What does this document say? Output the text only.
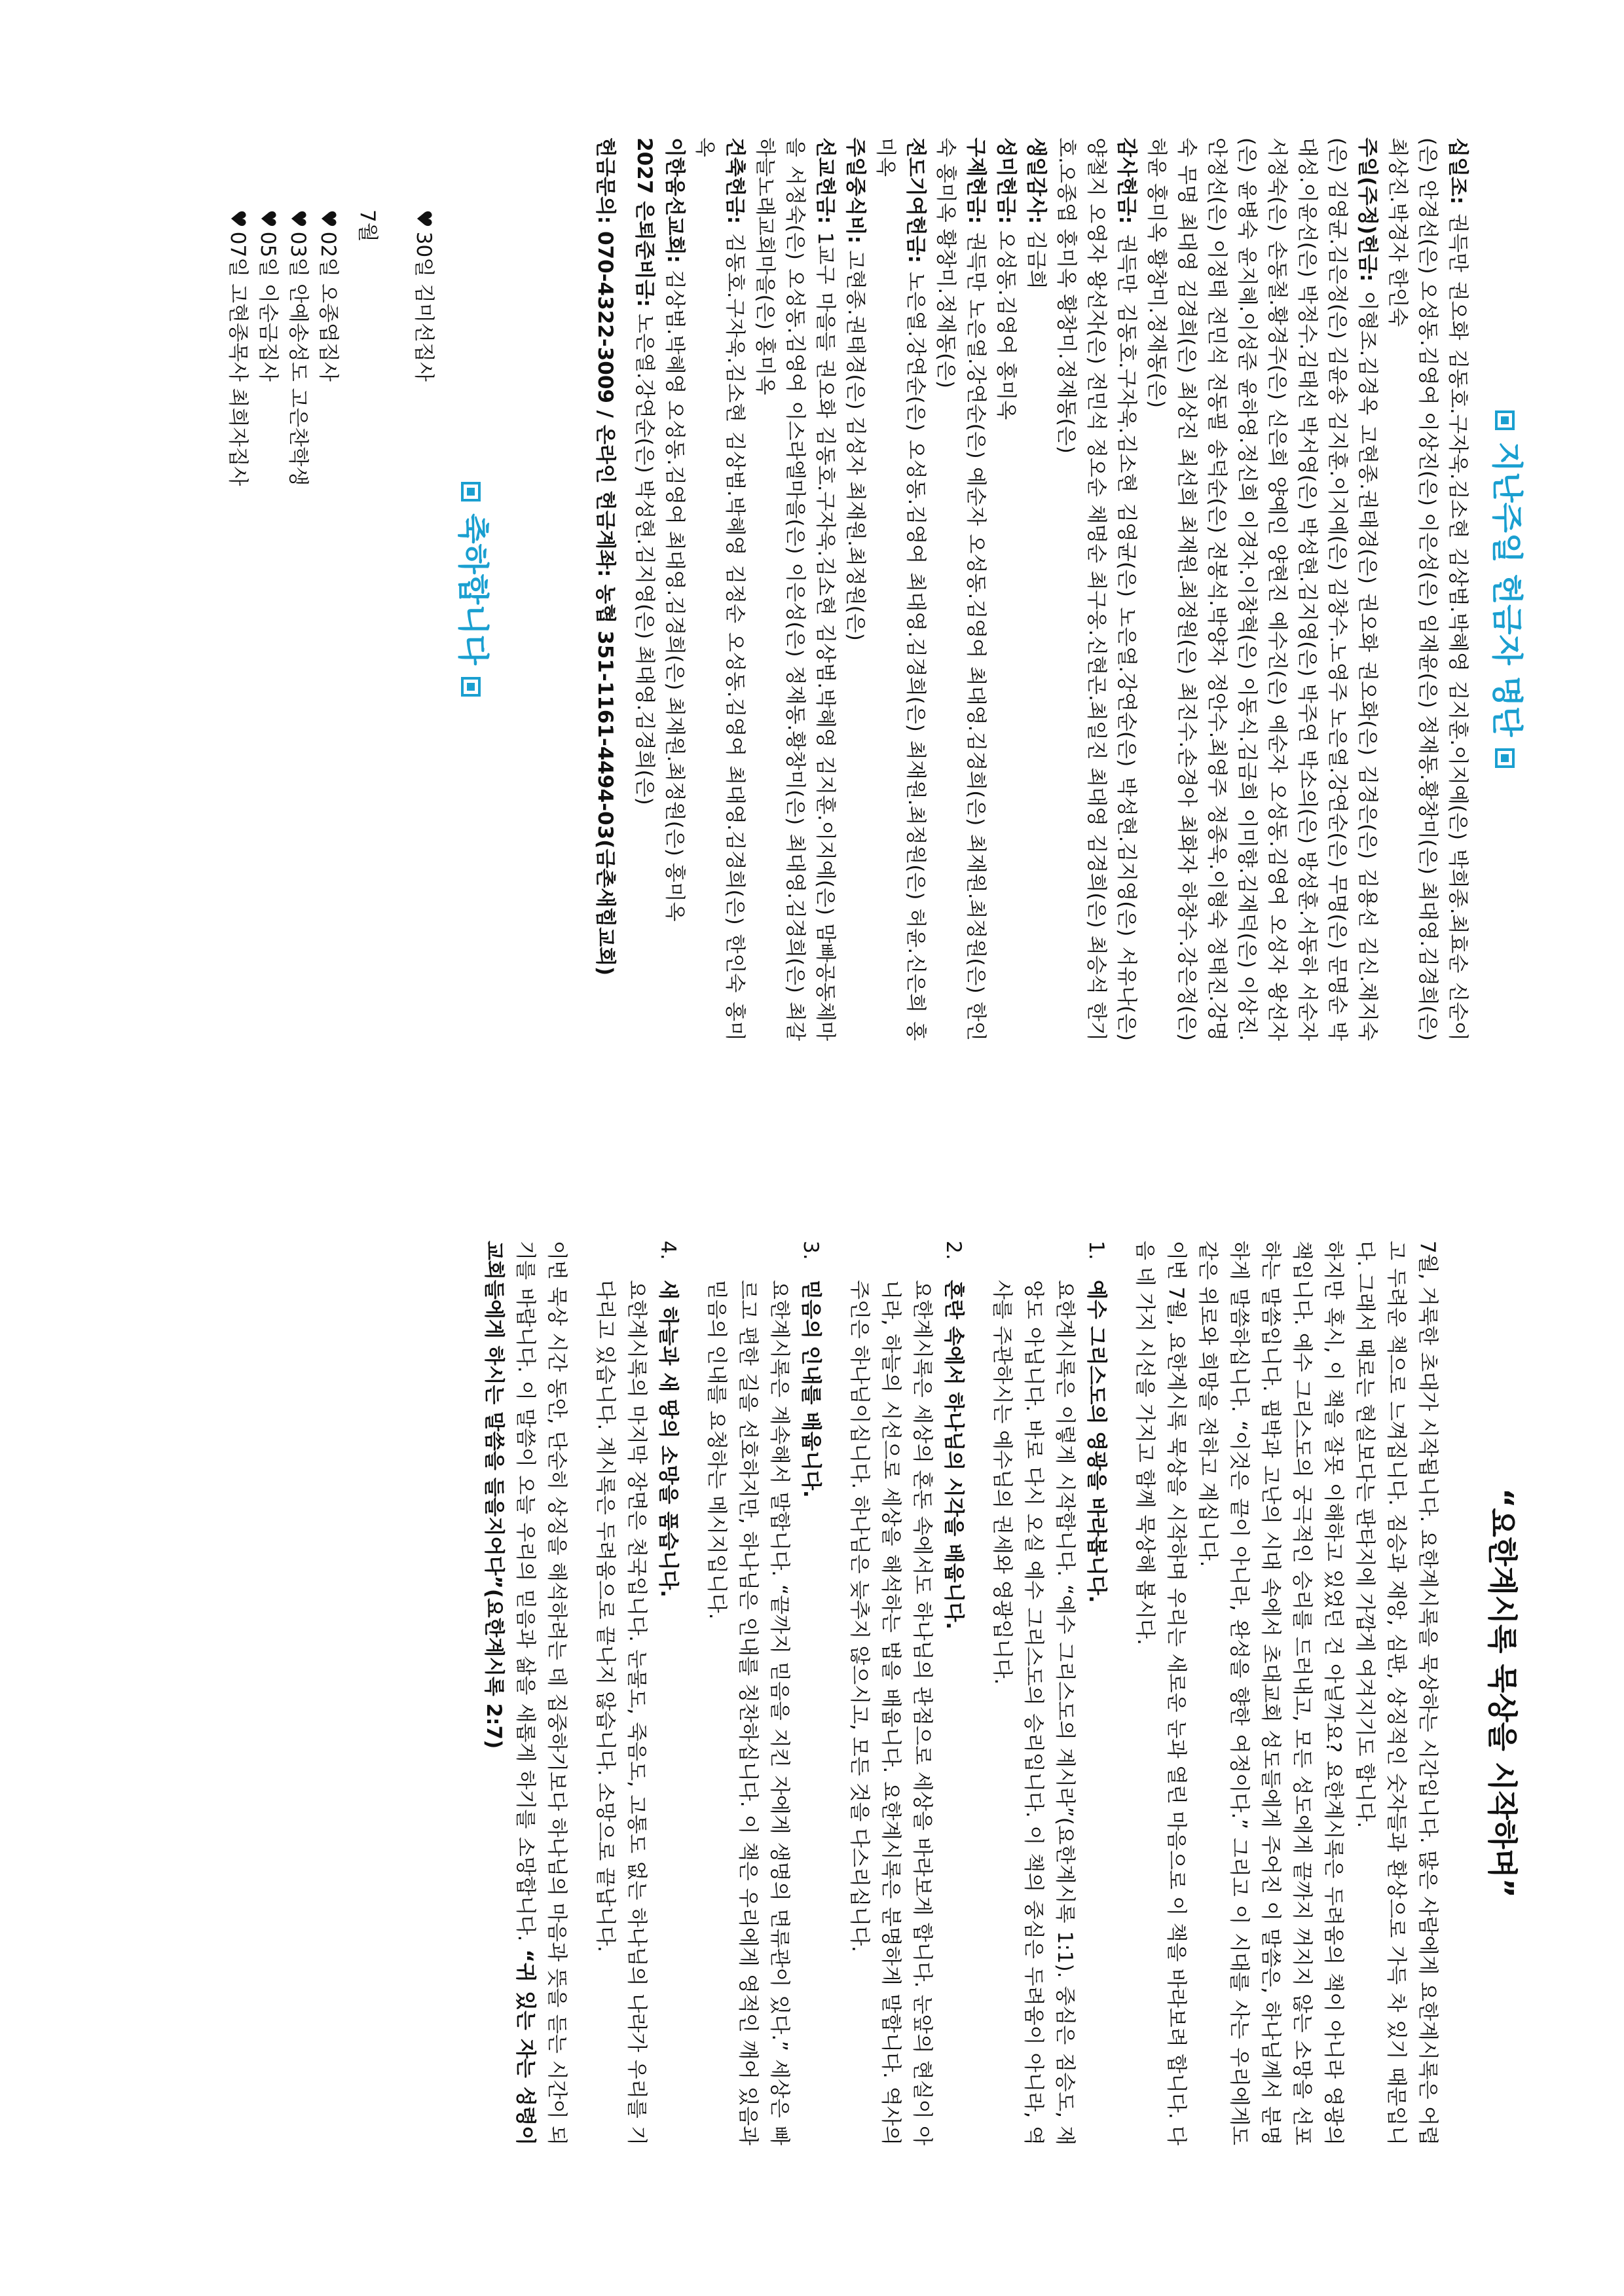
지난주일 헌금자 명단

십일조: 권득만 권오화 김동호.구자욱.김소현 김상범.박혜영 김지훈.이지예(은) 박희종.최효순 신순이(은) 안경선(은) 오성동.김영여 이상진(은) 이은성(은) 임재윤(은) 정재동.황창미(은) 최대영.김경희(은) 최상진.박경자 한인숙

주일(주정)헌금: 이형조.김경옥 고현종.권태경(은) 권오화 권오화(은) 김경은(은) 김용선 김신.채지숙(은) 김영균.김은정(은) 김윤송 김지훈.이지예(은) 김창수.노영주 노은열.강연순(은) 무명(은) 문명순 박대성.이윤선(은) 박정수.김태선 박서영(은) 박성현.김지영(은) 박주연 박소의(은) 방성훈.서동하 서순자 서정숙(은) 손동철.황경주(은) 신은희 양예인 양현진 예수진(은) 예순자 오성동.김영여 오성자 왕선자(은) 윤병숙 윤지혜.이성준 윤하영.정신희 이경자.이창혁(은) 이동식.김금희 이미향.김재덕(은) 이상진.안정선(은) 이정태 전민석 전동필 송덕순(은) 전봉석.박양자 정안수.최영주 정종욱.이형숙 정태진.강명숙 무명 최대영 김경희(은) 최상진 최선희 최재원.최정원(은) 최진수.손경아 최화자 하창수.강은정(은) 허윤 홍미옥 황창미.정재동(은)

감사헌금: 권득만 김동호.구자욱.김소현 김영균(은) 노은열.강연순(은) 박성현.김지영(은) 서유나(은) 양철지 오영자 왕선자(은) 전민석 정오순 채명순 최구웅.신현곤.최일진 최대영 김경희(은) 최승석 한기호.오종엽 홍미옥 황창미.정재동(은)

생일감사: 김금희

성미헌금: 오성동.김영여 홍미옥

구제헌금: 권득만 노은열.강연순(은) 예순자 오성동.김영여 최대영.김경희(은) 최재원.최정원(은) 한인숙 홍미옥 황창미.정재동(은)

전도기여헌금: 노은열.강연순(은) 오성동.김영여 최대영.김경희(은) 최재원.최정원(은) 허윤.신은희 홍미옥

주일중식비: 고현종.권태경(은) 김성자 최재원.최정원(은)

선교헌금: 1교구 마을들 권오화 김동호.구자욱.김소현 김상범.박혜영 김지훈.이지예(은) 맘빠공동체마을 서정숙(은) 오성동.김영여 이스라엘마을(은) 이은성(은) 정재동.황창미(은) 최대영.김경희(은) 최갈 하늘노래교회마을(은) 홍미옥

건축헌금: 김동호.구자욱.김소현 김상범.박혜영 김정순 오성동.김영여 최대영.김경희(은) 한인숙 홍미옥

이한움선교회: 김상범.박혜영 오성동.김영여 최대영.김경희(은) 최재원.최정원(은) 홍미옥

2027 은퇴준비금: 노은열.강연순(은) 박성현.김지영(은) 최대영.김경희(은)

헌금문의: 070-4322-3009 / 온라인 헌금계좌: 농협 351-1161-4494-03(금촌새힘교회)
축하합니다
♥30일 김미선집사
7월
♥02일 오종엽집사
♥03일 안예송성도 고은찬학생
♥05일 이순금집사
♥07일 고현종목사 최희자집사
“요한계시록 묵상을 시작하며”

7월, 거룩한 초대가 시작됩니다. 요한계시록을 묵상하는 시간입니다. 많은 사람에게 요한계시록은 어렵고 두려운 책으로 느껴집니다. 짐승과 재앙, 심판, 상징적인 숫자들과 환상으로 가득 차 있기 때문입니다. 그래서 때로는 현실보다는 판타지에 가깝게 여겨지기도 합니다.

하지만 혹시, 이 책을 잘못 이해하고 있었던 건 아닐까요? 요한계시록은 두려움의 책이 아니라 영광의 책입니다. 예수 그리스도의 궁극적인 승리를 드러내고, 모든 성도에게 끝까지 꺼지지 않는 소망을 선포하는 말씀입니다. 핍박과 고난의 시대 속에서 초대교회 성도들에게 주어진 이 말씀은, 하나님께서 분명하게 말씀하십니다. “이것은 끝이 아니라, 완성을 향한 여정이다.” 그리고 이 시대를 사는 우리에게도 같은 위로와 희망을 전하고 계십니다.

이번 7월, 요한계시록 묵상을 시작하며 우리는 새로운 눈과 열린 마음으로 이 책을 바라보려 합니다. 다음 네 가지 시선을 가지고 함께 묵상해 봅시다.

1.

예수 그리스도의 영광을 바라봅니다.

요한계시록은 이렇게 시작합니다. “예수 그리스도의 계시라”(요한계시록 1:1). 중심은 짐승도, 재앙도 아닙니다. 바로 다시 오실 예수 그리스도의 승리입니다. 이 책의 중심은 두려움이 아니라, 역사를 주관하시는 예수님의 권세와 영광입니다.

2.

혼란 속에서 하나님의 시각을 배웁니다.

요한계시록은 세상의 혼돈 속에서도 하나님의 관점으로 세상을 바라보게 합니다. 눈앞의 현실이 아니라, 하늘의 시선으로 세상을 해석하는 법을 배웁니다. 요한계시록은 분명하게 말합니다. 역사의 주인은 하나님이십니다. 하나님은 늦추지 않으시고, 모든 것을 다스리십니다.

3.

믿음의 인내를 배웁니다.

요한계시록은 계속해서 말합니다. “끝까지 믿음을 지킨 자에게 생명의 면류관이 있다.” 세상은 빠르고 편한 길을 선호하지만, 하나님은 인내를 칭찬하십니다. 이 책은 우리에게 영적인 깨어 있음과 믿음의 인내를 요청하는 메시지입니다.

4.

새 하늘과 새 땅의 소망을 품습니다.

요한계시록의 마지막 장면은 천국입니다. 눈물도, 죽음도, 고통도 없는 하나님의 나라가 우리를 기다리고 있습니다. 계시록은 두려움으로 끝나지 않습니다. 소망으로 끝납니다.

이번 묵상 시간 동안, 단순히 상징을 해석하려는 데 집중하기보다 하나님의 마음과 뜻을 듣는 시간이 되기를 바랍니다. 이 말씀이 오늘 우리의 믿음과 삶을 새롭게 하기를 소망합니다. “귀 있는 자는 성령이 교회들에게 하시는 말씀을 들을지어다”(요한계시록 2:7)
